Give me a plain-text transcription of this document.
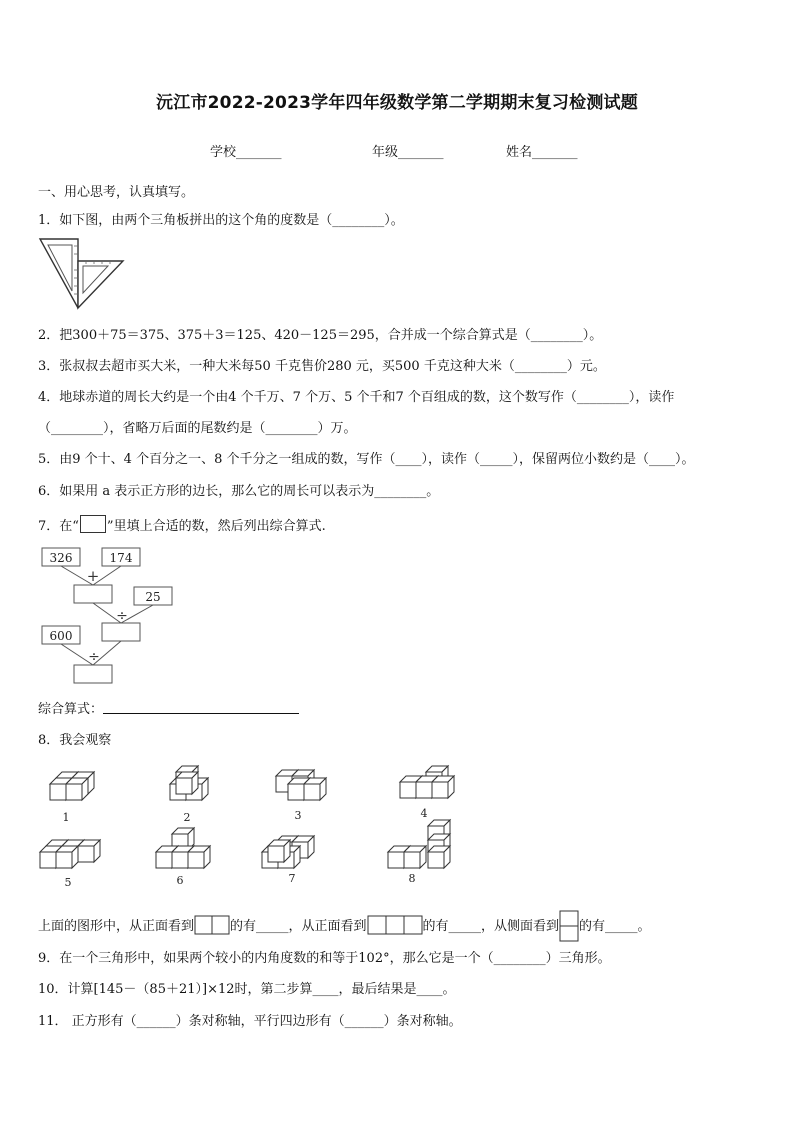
沅江市2022-2023学年四年级数学第二学期期末复习检测试题
学校_______	年级_______	姓名_______
一、用心思考，认真填写。
1．如下图，由两个三角板拼出的这个角的度数是（________）。
2．把300＋75＝375、375＋3＝125、420－125＝295，合并成一个综合算式是（________）。
3．张叔叔去超市买大米，一种大米每50 千克售价280 元，买500 千克这种大米（________）元。
4．地球赤道的周长大约是一个由4 个千万、7 个万、5 个千和7 个百组成的数，这个数写作（________），读作
（________），省略万后面的尾数约是（________）万。
5．由9 个十、4 个百分之一、8 个千分之一组成的数，写作（____），读作（_____），保留两位小数约是（____）。
6．如果用 a 表示正方形的边长，那么它的周长可以表示为________。
7．在“ ”里填上合适的数，然后列出综合算式.
326	174
25
600
+
÷
÷
综合算式：
8．我会观察
1	2	3	4
5	6	7	8
上面的图形中，从正面看到	的有_____，从正面看到	的有_____，从侧面看到 的有_____。
9．在一个三角形中，如果两个较小的内角度数的和等于102°，那么它是一个（________）三角形。
10．计算[145－（85＋21）]×12时，第二步算____，最后结果是____。
11． 正方形有（______）条对称轴，平行四边形有（______）条对称轴。
